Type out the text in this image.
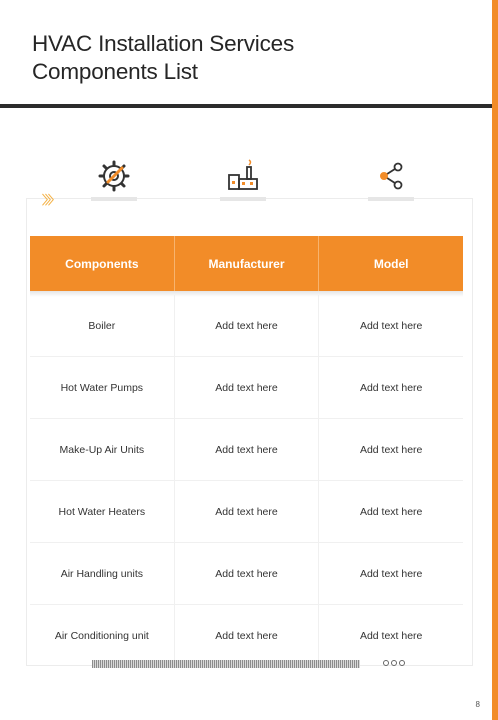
HVAC Installation Services
Components List
〉〉〉
Components	Manufacturer	Model
Boiler	Add text here	Add text here
Hot Water Pumps	Add text here	Add text here
Make-Up Air Units	Add text here	Add text here
Hot Water Heaters	Add text here	Add text here
Air Handling units	Add text here	Add text here
Air Conditioning unit	Add text here	Add text here
8
